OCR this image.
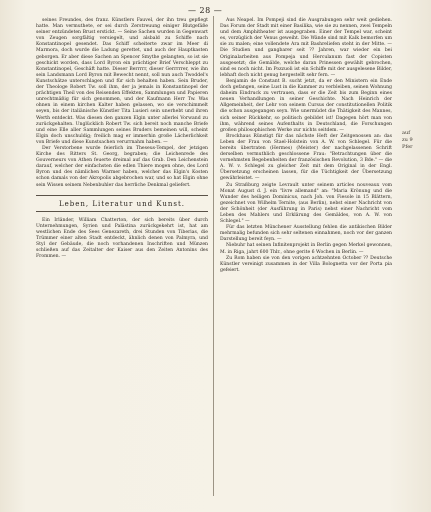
— 28 —

seines Freundes, des franz. Künstlers Fauvel, der ihn treu gepflegt hatte. Man vermuthete, er sei durch Zerstreuung einiger Blutgefäße seiner entzündeten Brust erstickt. — Seine Sachen wurden in Gegenwart von Zeugen sorgfältig versiegelt, und alsbald zu Schiffe nach Konstantinopel gesendet. Das Schiff scheiterte zwar im Meer di Marmora, doch wurde die Ladung gerettet, und auch der Hauptkasten geborgen. Er aber diese Sachen an Spencer Smythe gelangten, so ist sie geschickt worden, dass Lord Byron ein prächtiger Brief Verschleppt zu Konstantinopel, Geschäft hatte. Dieser Berrrrr, dieser Gerrrrrer, wie ihn sein Landsmann Lord Byron mit Bewecht nennt, soll nun auch Twoddel's Kunstschätze unterschlagen und für sich behalten haben. Sein Bruder, der Theologe Robert Tw. soll ihm, der ja jemals in Konstantinopel der prächtigen Theil von des Reisenden Effekten, Sammlungen und Papieren unrechtmäßig für sich genommen, und der Kaufmann Herr Tw. Was ohnen in einem kirchen Kalter haben gelassen, wo sie verschimmelt seyen, bis der italiänische Künstler Tita Lusieri sein unerhebt und ihren Werth entdeckt. Was diesen den ganzen Elgin unter allerlei Vorwand zu zurückgehalten. Unglücklich Robert Tw. sich bereit noch manche Briefe und eine Elle aller Sammlungen seines Bruders bemeinen will, scheint Elgin doch unschuldig; freilich mag er immerhin große Lächerlichkeit von Briefe und diese Kunstsachen verurrnahm haben. —

Der Verstorbene wurde feierlich im Theseus-Tempel, der jetzigen Kirche des Ritters St. Georg, begraben; die Leichenrede des Gouverneurs von Athen feuerte dreimal auf das Grab. Den Leichenstein darauf, welcher der einfachsten die edlen Thiere mogen ohne, des Lord Byron und des nämlichen Warmer haben, welcher das Elgin's Kosten schon damals von der Akropolis abgebrochen war, und so hat Elgin ohne sein Wissen seinem Nebenbuhler das herrliche Denkmal geliefert.

Leben, Literatur und Kunst.

Ein Irländer, William Chatterton, der sich bereits über durch Unternehmungen, Syrien und Palästina zurückgekehrt ist, hat am westlichen Ende des Sees Genezareth, drei Stunden von Tiberias, die Trümmer einer alten Stadt entdeckt, ähnlich denen von Palmyra, und Styl der Gebäude, die noch vorhandenen Inschriften und Münzen schließen auf das Zeitalter der Kaiser aus den Zeiten Antonins des Frommen. —

Aus Neapel. Im Pompeji sind die Ausgrabungen sehr weit gediehen. Das Forum der Stadt mit einer Basilika, wie sie zu nennen, zwei Tempeln und dem Amphitheater ist ausgegraben. Einer der Tempel war, scheint es, vorzüglich der Venus geweiht. Die Wände sind mit Kalk bemorfen um sie zu malen; eine vollendete Ara mit Bashreliefen steht in der Mitte. — Die Studien und gangbarer seit ?? Jahren, war wieder ein bei Originalarbeiten aus Pompeja und Herculanum fast der Copisten ausgesetzt; die Gemälde, welche daran Prinessen gewählt gebrochen, sind es noch nicht. Im Pozzuoli ist ein Schiffe mit der ausgelesene Bilder, lebhaft doch nicht genug hergestellt sehr fern. —

Benjamin de Constant B. sucht jetzt, da er den Ministern ein Ende doch gefangen, seine Lust in die Kammer zu verbleiben, seinen Wohnung daheim Eindruck zu vertrauen, dass er die Zeit bis zum Beginn eines neuen Verhandlungen in seiner Geschichte. Nach Heinrich der Allgemeinheit, der Lehr von seinem Cursus der constitutionellen Politik die schon ausgegangen seyn. Wie unermüdet die Thätigkeit des Mannes, sich seiner Rückkehr, so politisch gebildet ist! Dagegen hört man von ihm, während seines Aufenthalts in Deutschland, die Forschungen großen philosophischen Werke zur nichts seitdem. —

Brockhaus Rünstigt für das nächste Heft der Zeitgenossen an: das Leben der Frau von Stael-Holstein von A. W. von Schlegel. Für die bereits übertraten (Hermes) (Meister) der nachgelassenen Schrift derselben vermuthlich geschlossene Frau: "Betrachtungen über die vornehmsten Begebenheiten der französischen Revolution, 3 Bde." — die A. W. v. Schlegel zu gleicher Zeit mit dem Original in der Engl. Übersetzung erscheinen lassen, für die Tüchtigkeit der Übersetzung gewährleistet. —

Zu Straßburg zeigte Levrault unter seinem articles nouveaux vom Monat August d. J. ein "livre allemand" an: "Maria Krönung und die Wunder des heiligen Dominicus, nach Joh. von Fiesole in 15 Blättern, gezeichnet von Wilhelm Ternite, (aus Berlin), nebst einer Nachricht von der Schönheit (der Ausführung in Paris) nebst einer Nachricht vom Leben des Mahlers und Erklärung des Gemäldes, von A. W. von Schlegel." —

Für das letzten Münchener Ausstellung fehlen die antikischen Bilder mehrmalig befunden sich sehr seltenen einnahmen, noch vor der ganzen Darstellung bereit feyn. —

Niebuhr hat seinen Infinitenprojekt in Berlin gegen Merkel gewonnen, M. in Riga, jahrt 600 Thlr., ohne gerite 6 Wochen in Berlin. —

Zu Rom haben sie von den vorigen achtzehnten October ?? Deutsche Künstler vereinigt zusammen in der Villa Bolognetta vor der Porta pia gefeiert.

auf
zu 9
Pfer
